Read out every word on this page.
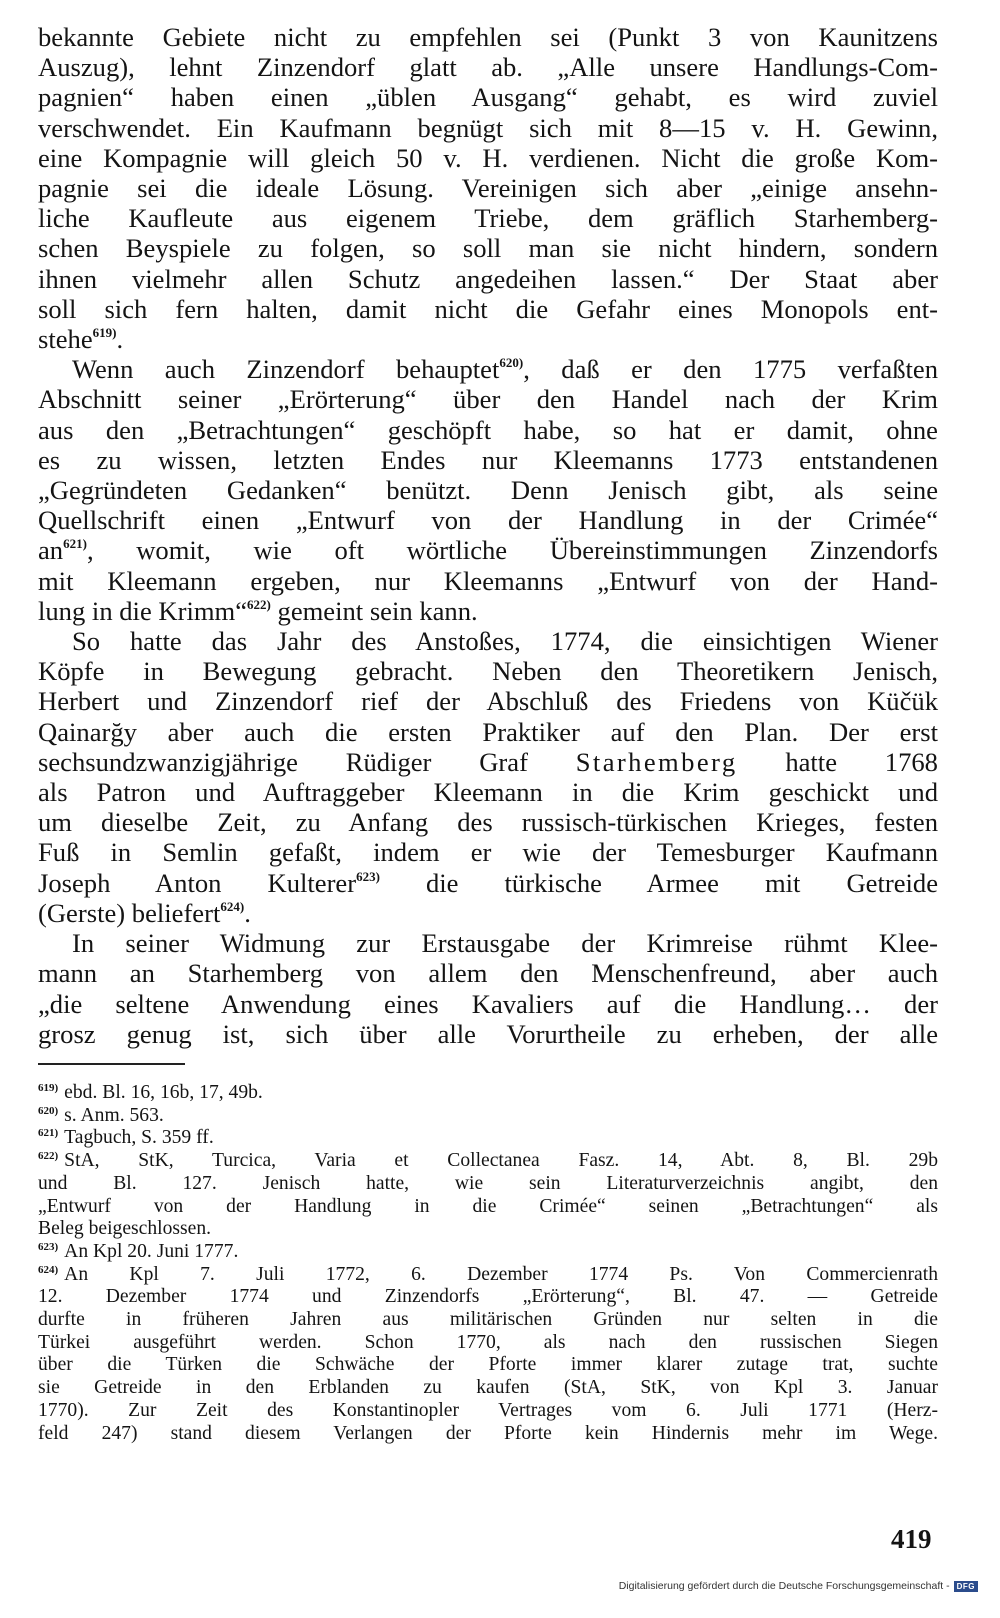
bekannte Gebiete nicht zu empfehlen sei (Punkt 3 von Kaunitzens
Auszug), lehnt Zinzendorf glatt ab. „Alle unsere Handlungs-Com-
pagnien“ haben einen „üblen Ausgang“ gehabt, es wird zuviel
verschwendet. Ein Kaufmann begnügt sich mit 8—15 v. H. Gewinn,
eine Kompagnie will gleich 50 v. H. verdienen. Nicht die große Kom-
pagnie sei die ideale Lösung. Vereinigen sich aber „einige ansehn-
liche Kaufleute aus eigenem Triebe, dem gräflich Starhemberg-
schen Beyspiele zu folgen, so soll man sie nicht hindern, sondern
ihnen vielmehr allen Schutz angedeihen lassen.“ Der Staat aber
soll sich fern halten, damit nicht die Gefahr eines Monopols ent-
stehe$^{619)}$.

Wenn auch Zinzendorf behauptet$^{620)}$, daß er den 1775 verfaßten
Abschnitt seiner „Erörterung“ über den Handel nach der Krim
aus den „Betrachtungen“ geschöpft habe, so hat er damit, ohne
es zu wissen, letzten Endes nur Kleemanns 1773 entstandenen
„Gegründeten Gedanken“ benützt. Denn Jenisch gibt, als seine
Quellschrift einen „Entwurf von der Handlung in der Crimée“
an$^{621)}$, womit, wie oft wörtliche Übereinstimmungen Zinzendorfs
mit Kleemann ergeben, nur Kleemanns „Entwurf von der Hand-
lung in die Krimm“$^{622)}$ gemeint sein kann.

So hatte das Jahr des Anstoßes, 1774, die einsichtigen Wiener
Köpfe in Bewegung gebracht. Neben den Theoretikern Jenisch,
Herbert und Zinzendorf rief der Abschluß des Friedens von Küčük
Qainarğy aber auch die ersten Praktiker auf den Plan. Der erst
sechsundzwanzigjährige Rüdiger Graf Starhemberg hatte 1768
als Patron und Auftraggeber Kleemann in die Krim geschickt und
um dieselbe Zeit, zu Anfang des russisch-türkischen Krieges, festen
Fuß in Semlin gefaßt, indem er wie der Temesburger Kaufmann
Joseph Anton Kulterer$^{623)}$ die türkische Armee mit Getreide
(Gerste) beliefert$^{624)}$.

In seiner Widmung zur Erstausgabe der Krimreise rühmt Klee-
mann an Starhemberg von allem den Menschenfreund, aber auch
„die seltene Anwendung eines Kavaliers auf die Handlung… der
grosz genug ist, sich über alle Vorurtheile zu erheben, der alle

$^{619)}$ ebd. Bl. 16, 16b, 17, 49b.

$^{620)}$ s. Anm. 563.

$^{621)}$ Tagbuch, S. 359 ff.

$^{622)}$ StA, StK, Turcica, Varia et Collectanea Fasz. 14, Abt. 8, Bl. 29b
und Bl. 127. Jenisch hatte, wie sein Literaturverzeichnis angibt, den
„Entwurf von der Handlung in die Crimée“ seinen „Betrachtungen“ als
Beleg beigeschlossen.

$^{623)}$ An Kpl 20. Juni 1777.

$^{624)}$ An Kpl 7. Juli 1772, 6. Dezember 1774 Ps. Von Commercienrath
12. Dezember 1774 und Zinzendorfs „Erörterung“, Bl. 47. — Getreide
durfte in früheren Jahren aus militärischen Gründen nur selten in die
Türkei ausgeführt werden. Schon 1770, als nach den russischen Siegen
über die Türken die Schwäche der Pforte immer klarer zutage trat, suchte
sie Getreide in den Erblanden zu kaufen (StA, StK, von Kpl 3. Januar
1770). Zur Zeit des Konstantinopler Vertrages vom 6. Juli 1771 (Herz-
feld 247) stand diesem Verlangen der Pforte kein Hindernis mehr im Wege.

419
Digitalisierung gefördert durch die Deutsche Forschungsgemeinschaft - DFG
